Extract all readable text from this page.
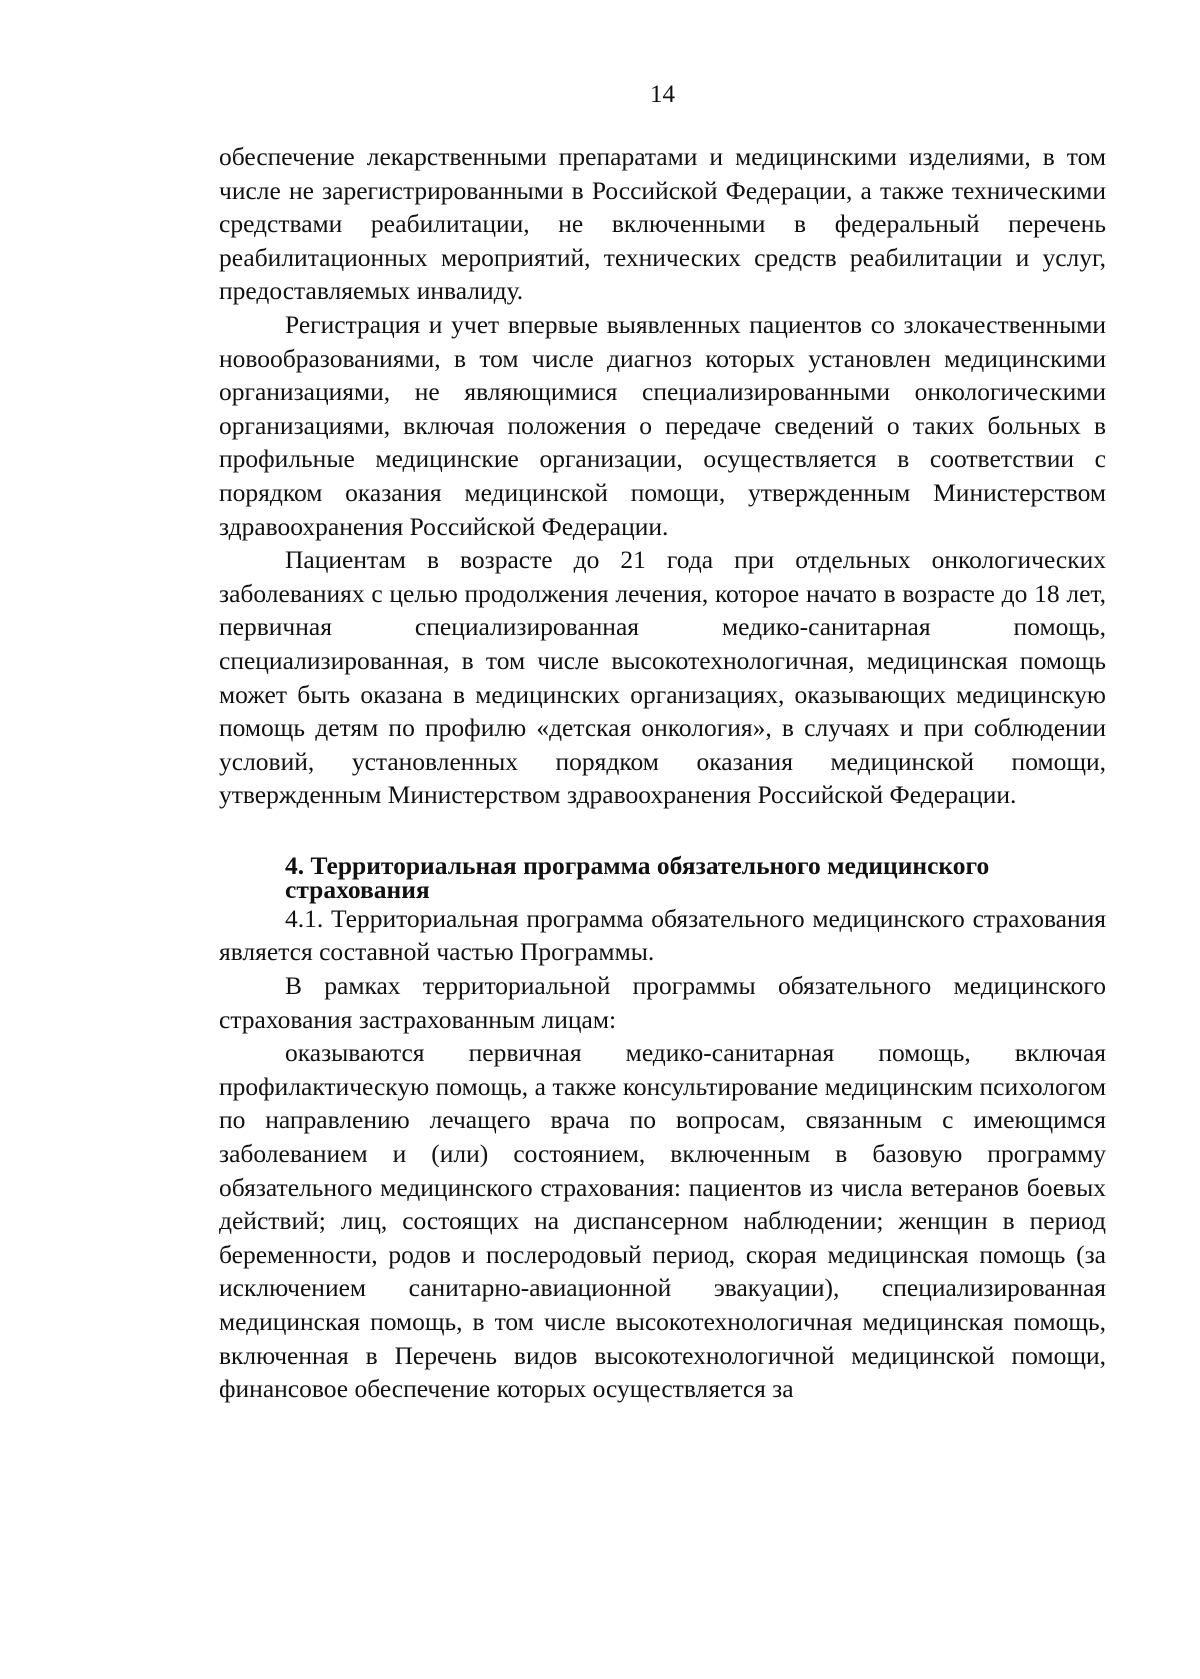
14

обеспечение лекарственными препаратами и медицинскими изделиями, в том числе не зарегистрированными в Российской Федерации, а также техническими средствами реабилитации, не включенными в федеральный перечень реабилитационных мероприятий, технических средств реабилитации и услуг, предоставляемых инвалиду.

Регистрация и учет впервые выявленных пациентов со злокачественными новообразованиями, в том числе диагноз которых установлен медицинскими организациями, не являющимися специализированными онкологическими организациями, включая положения о передаче сведений о таких больных в профильные медицинские организации, осуществляется в соответствии с порядком оказания медицинской помощи, утвержденным Министерством здравоохранения Российской Федерации.

Пациентам в возрасте до 21 года при отдельных онкологических заболеваниях с целью продолжения лечения, которое начато в возрасте до 18 лет, первичная специализированная медико-санитарная помощь, специализированная, в том числе высокотехнологичная, медицинская помощь может быть оказана в медицинских организациях, оказывающих медицинскую помощь детям по профилю «детская онкология», в случаях и при соблюдении условий, установленных порядком оказания медицинской помощи, утвержденным Министерством здравоохранения Российской Федерации.

4. Территориальная программа обязательного медицинского страхования

4.1. Территориальная программа обязательного медицинского страхования является составной частью Программы.

В рамках территориальной программы обязательного медицинского страхования застрахованным лицам:

оказываются первичная медико-санитарная помощь, включая профилактическую помощь, а также консультирование медицинским психологом по направлению лечащего врача по вопросам, связанным с имеющимся заболеванием и (или) состоянием, включенным в базовую программу обязательного медицинского страхования: пациентов из числа ветеранов боевых действий; лиц, состоящих на диспансерном наблюдении; женщин в период беременности, родов и послеродовый период, скорая медицинская помощь (за исключением санитарно-авиационной эвакуации), специализированная медицинская помощь, в том числе высокотехнологичная медицинская помощь, включенная в Перечень видов высокотехнологичной медицинской помощи, финансовое обеспечение которых осуществляется за
